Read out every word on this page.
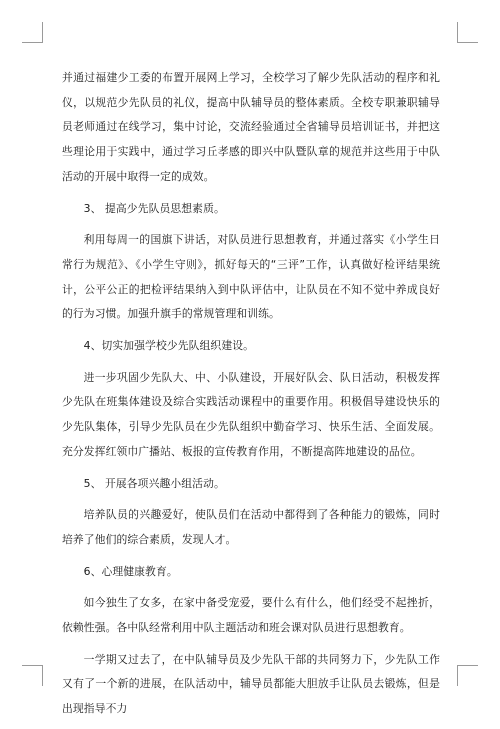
并通过福建少工委的布置开展网上学习，全校学习了解少先队活动的程序和礼仪，以规范少先队员的礼仪，提高中队辅导员的整体素质。全校专职兼职辅导员老师通过在线学习，集中讨论，交流经验通过全省辅导员培训证书，并把这些理论用于实践中，通过学习丘孝感的即兴中队暨队章的规范并这些用于中队活动的开展中取得一定的成效。

3、 提高少先队员思想素质。

利用每周一的国旗下讲话，对队员进行思想教育，并通过落实《小学生日常行为规范》、《小学生守则》，抓好每天的“三评”工作，认真做好检评结果统计，公平公正的把检评结果纳入到中队评估中，让队员在不知不觉中养成良好的行为习惯。加强升旗手的常规管理和训练。

4、切实加强学校少先队组织建设。

进一步巩固少先队大、中、小队建设，开展好队会、队日活动，积极发挥少先队在班集体建设及综合实践活动课程中的重要作用。积极倡导建设快乐的少先队集体，引导少先队员在少先队组织中勤奋学习、快乐生活、全面发展。充分发挥红领巾广播站、板报的宣传教育作用，不断提高阵地建设的品位。

5、 开展各项兴趣小组活动。

培养队员的兴趣爱好，使队员们在活动中都得到了各种能力的锻炼，同时培养了他们的综合素质，发现人才。

6、心理健康教育。

如今独生了女多，在家中备受宠爱，要什么有什么，他们经受不起挫折，依赖性强。各中队经常利用中队主题活动和班会课对队员进行思想教育。

一学期又过去了，在中队辅导员及少先队干部的共同努力下，少先队工作又有了一个新的进展，在队活动中，辅导员都能大胆放手让队员去锻炼，但是出现指导不力
